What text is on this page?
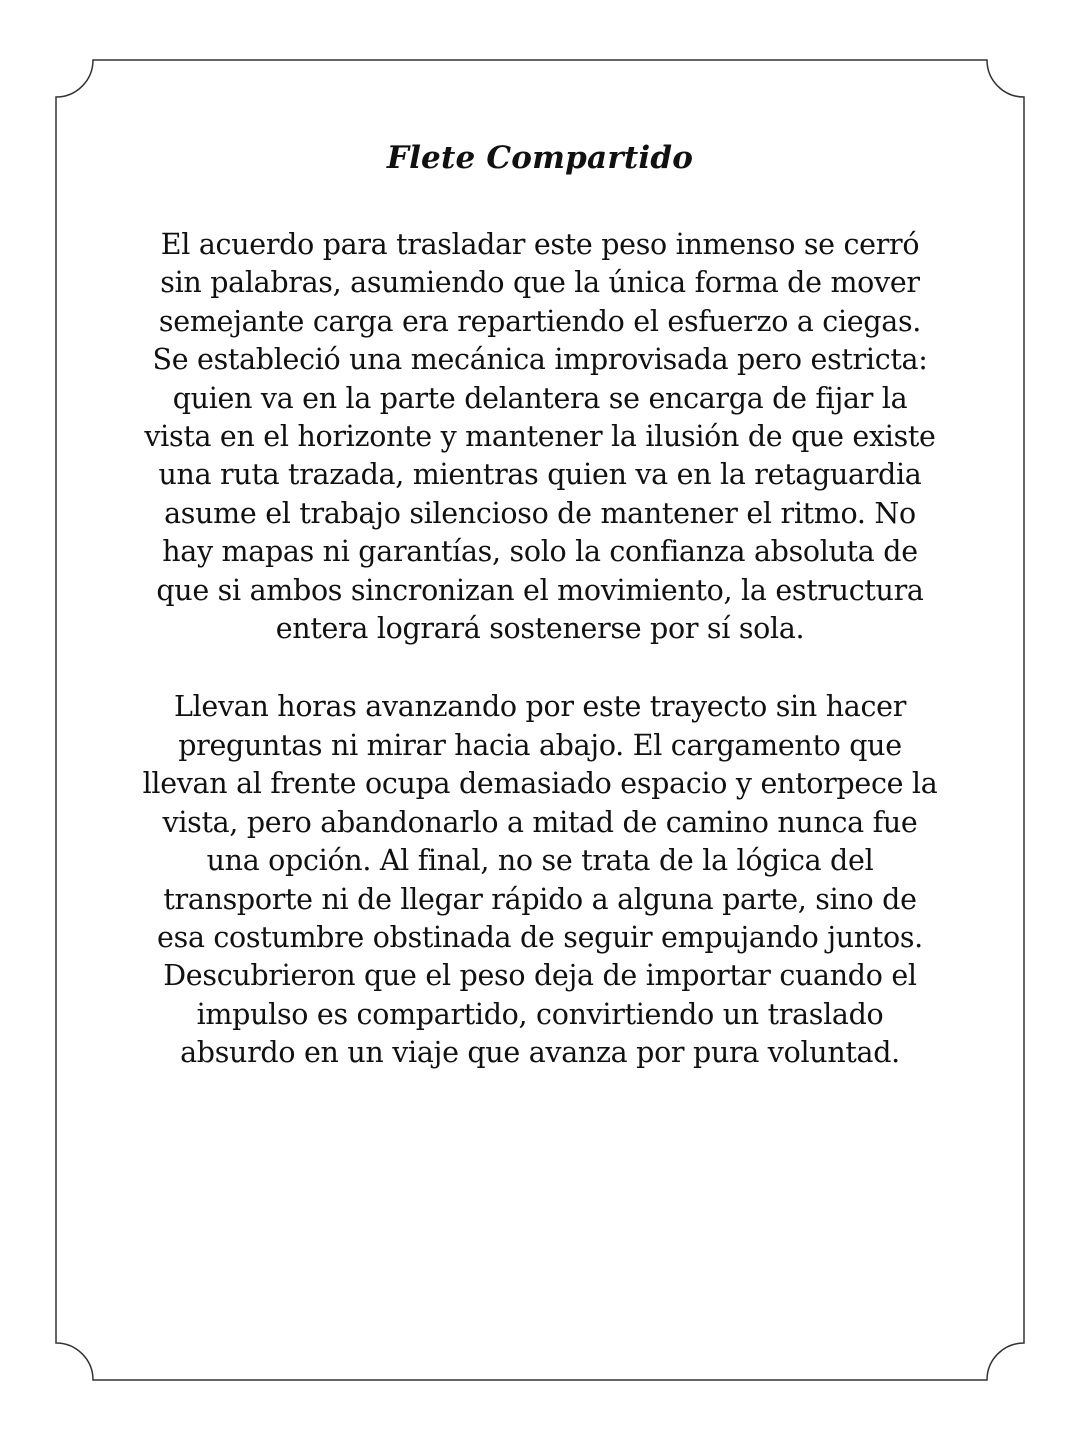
Flete Compartido

El acuerdo para trasladar este peso inmenso se cerró sin palabras, asumiendo que la única forma de mover semejante carga era repartiendo el esfuerzo a ciegas. Se estableció una mecánica improvisada pero estricta: quien va en la parte delantera se encarga de fijar la vista en el horizonte y mantener la ilusión de que existe una ruta trazada, mientras quien va en la retaguardia asume el trabajo silencioso de mantener el ritmo. No hay mapas ni garantías, solo la confianza absoluta de que si ambos sincronizan el movimiento, la estructura entera logrará sostenerse por sí sola.

Llevan horas avanzando por este trayecto sin hacer preguntas ni mirar hacia abajo. El cargamento que llevan al frente ocupa demasiado espacio y entorpece la vista, pero abandonarlo a mitad de camino nunca fue una opción. Al final, no se trata de la lógica del transporte ni de llegar rápido a alguna parte, sino de esa costumbre obstinada de seguir empujando juntos. Descubrieron que el peso deja de importar cuando el impulso es compartido, convirtiendo un traslado absurdo en un viaje que avanza por pura voluntad.
